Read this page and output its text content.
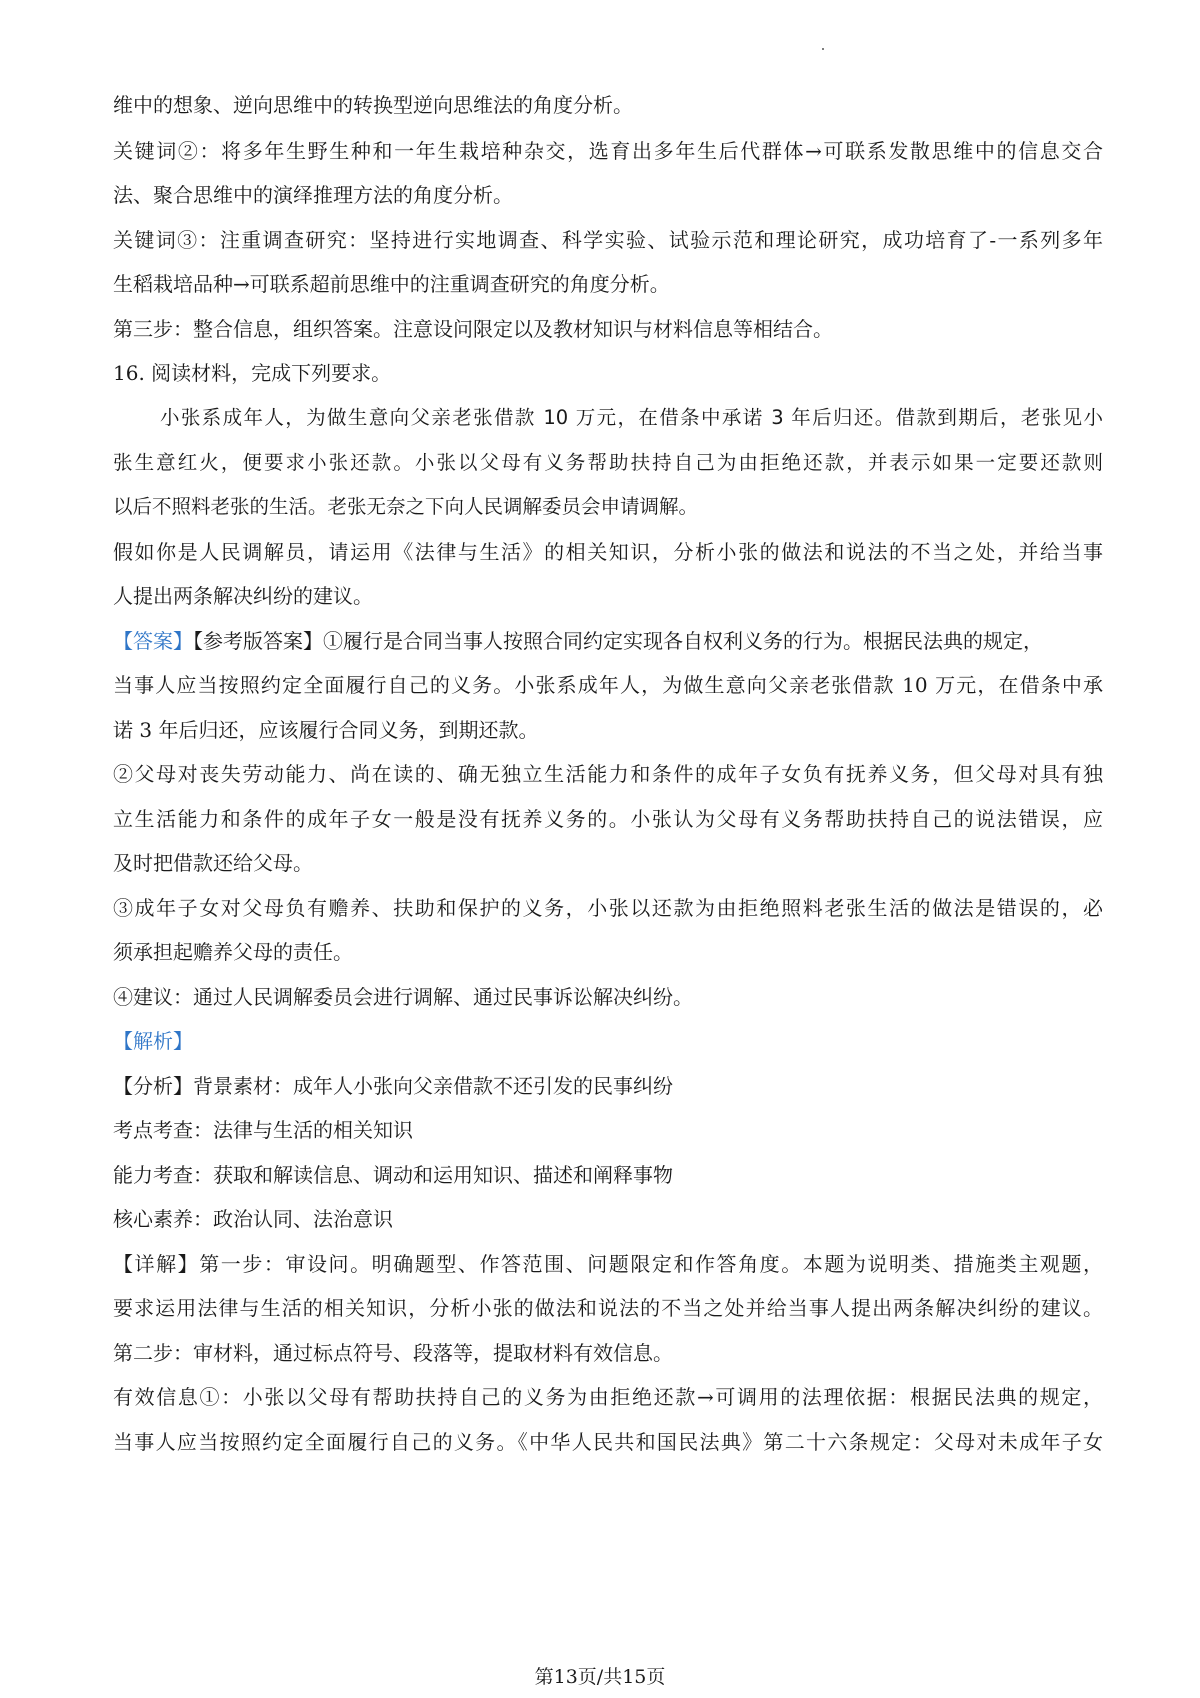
维中的想象、逆向思维中的转换型逆向思维法的角度分析。
关键词②：将多年生野生种和一年生栽培种杂交，选育出多年生后代群体→可联系发散思维中的信息交合
法、聚合思维中的演绎推理方法的角度分析。
关键词③：注重调查研究：坚持进行实地调查、科学实验、试验示范和理论研究，成功培育了-一系列多年
生稻栽培品种→可联系超前思维中的注重调查研究的角度分析。
第三步：整合信息，组织答案。注意设问限定以及教材知识与材料信息等相结合。
16. 阅读材料，完成下列要求。
小张系成年人，为做生意向父亲老张借款 10 万元，在借条中承诺 3 年后归还。借款到期后，老张见小
张生意红火，便要求小张还款。小张以父母有义务帮助扶持自己为由拒绝还款，并表示如果一定要还款则
以后不照料老张的生活。老张无奈之下向人民调解委员会申请调解。
假如你是人民调解员，请运用《法律与生活》的相关知识，分析小张的做法和说法的不当之处，并给当事
人提出两条解决纠纷的建议。
【答案】【参考版答案】①履行是合同当事人按照合同约定实现各自权利义务的行为。根据民法典的规定，
当事人应当按照约定全面履行自己的义务。小张系成年人，为做生意向父亲老张借款 10 万元，在借条中承
诺 3 年后归还，应该履行合同义务，到期还款。
②父母对丧失劳动能力、尚在读的、确无独立生活能力和条件的成年子女负有抚养义务，但父母对具有独
立生活能力和条件的成年子女一般是没有抚养义务的。小张认为父母有义务帮助扶持自己的说法错误，应
及时把借款还给父母。
③成年子女对父母负有赡养、扶助和保护的义务，小张以还款为由拒绝照料老张生活的做法是错误的，必
须承担起赡养父母的责任。
④建议：通过人民调解委员会进行调解、通过民事诉讼解决纠纷。
【解析】
【分析】背景素材：成年人小张向父亲借款不还引发的民事纠纷
考点考查：法律与生活的相关知识
能力考查：获取和解读信息、调动和运用知识、描述和阐释事物
核心素养：政治认同、法治意识
【详解】第一步：审设问。明确题型、作答范围、问题限定和作答角度。本题为说明类、措施类主观题，
要求运用法律与生活的相关知识，分析小张的做法和说法的不当之处并给当事人提出两条解决纠纷的建议。
第二步：审材料，通过标点符号、段落等，提取材料有效信息。
有效信息①：小张以父母有帮助扶持自己的义务为由拒绝还款→可调用的法理依据：根据民法典的规定，
当事人应当按照约定全面履行自己的义务。《中华人民共和国民法典》第二十六条规定：父母对未成年子女
第13页/共15页
